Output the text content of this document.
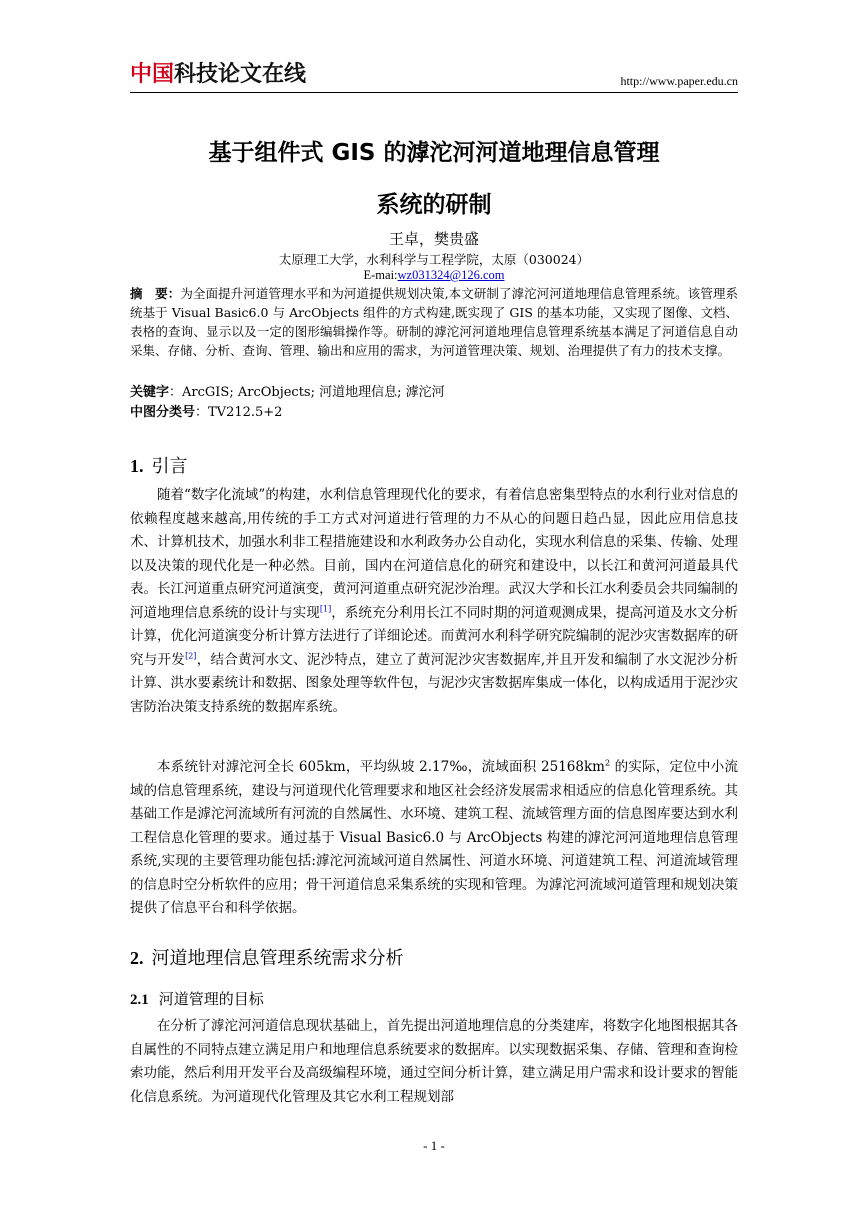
中国科技论文在线	http://www.paper.edu.cn
基于组件式 GIS 的滹沱河河道地理信息管理
系统的研制
王卓，樊贵盛
太原理工大学，水利科学与工程学院，太原（030024）
E-mai:wz031324@126.com
摘　要：为全面提升河道管理水平和为河道提供规划决策,本文研制了滹沱河河道地理信息管理系统。该管理系统基于 Visual Basic6.0 与 ArcObjects 组件的方式构建,既实现了 GIS 的基本功能，又实现了图像、文档、表格的查询、显示以及一定的图形编辑操作等。研制的滹沱河河道地理信息管理系统基本满足了河道信息自动采集、存储、分析、查询、管理、输出和应用的需求，为河道管理决策、规划、治理提供了有力的技术支撑。
关键字：ArcGIS; ArcObjects; 河道地理信息; 滹沱河
中图分类号：TV212.5+2
1. 引言
随着“数字化流域”的构建，水利信息管理现代化的要求，有着信息密集型特点的水利行业对信息的依赖程度越来越高,用传统的手工方式对河道进行管理的力不从心的问题日趋凸显，因此应用信息技术、计算机技术，加强水利非工程措施建设和水利政务办公自动化，实现水利信息的采集、传输、处理以及决策的现代化是一种必然。目前，国内在河道信息化的研究和建设中，以长江和黄河河道最具代表。长江河道重点研究河道演变，黄河河道重点研究泥沙治理。武汉大学和长江水利委员会共同编制的河道地理信息系统的设计与实现[1]，系统充分利用长江不同时期的河道观测成果，提高河道及水文分析计算，优化河道演变分析计算方法进行了详细论述。而黄河水利科学研究院编制的泥沙灾害数据库的研究与开发[2]，结合黄河水文、泥沙特点，建立了黄河泥沙灾害数据库,并且开发和编制了水文泥沙分析计算、洪水要素统计和数据、图象处理等软件包，与泥沙灾害数据库集成一体化，以构成适用于泥沙灾害防治决策支持系统的数据库系统。
本系统针对滹沱河全长 605km，平均纵坡 2.17‰，流域面积 $25168km^2$ 的实际，定位中小流域的信息管理系统，建设与河道现代化管理要求和地区社会经济发展需求相适应的信息化管理系统。其基础工作是滹沱河流域所有河流的自然属性、水环境、建筑工程、流域管理方面的信息图库要达到水利工程信息化管理的要求。通过基于 Visual Basic6.0 与 ArcObjects 构建的滹沱河河道地理信息管理系统,实现的主要管理功能包括:滹沱河流域河道自然属性、河道水环境、河道建筑工程、河道流域管理的信息时空分析软件的应用；骨干河道信息采集系统的实现和管理。为滹沱河流域河道管理和规划决策提供了信息平台和科学依据。
2. 河道地理信息管理系统需求分析
2.1 河道管理的目标
在分析了滹沱河河道信息现状基础上，首先提出河道地理信息的分类建库，将数字化地图根据其各自属性的不同特点建立满足用户和地理信息系统要求的数据库。以实现数据采集、存储、管理和查询检索功能，然后利用开发平台及高级编程环境，通过空间分析计算，建立满足用户需求和设计要求的智能化信息系统。为河道现代化管理及其它水利工程规划部
- 1 -
